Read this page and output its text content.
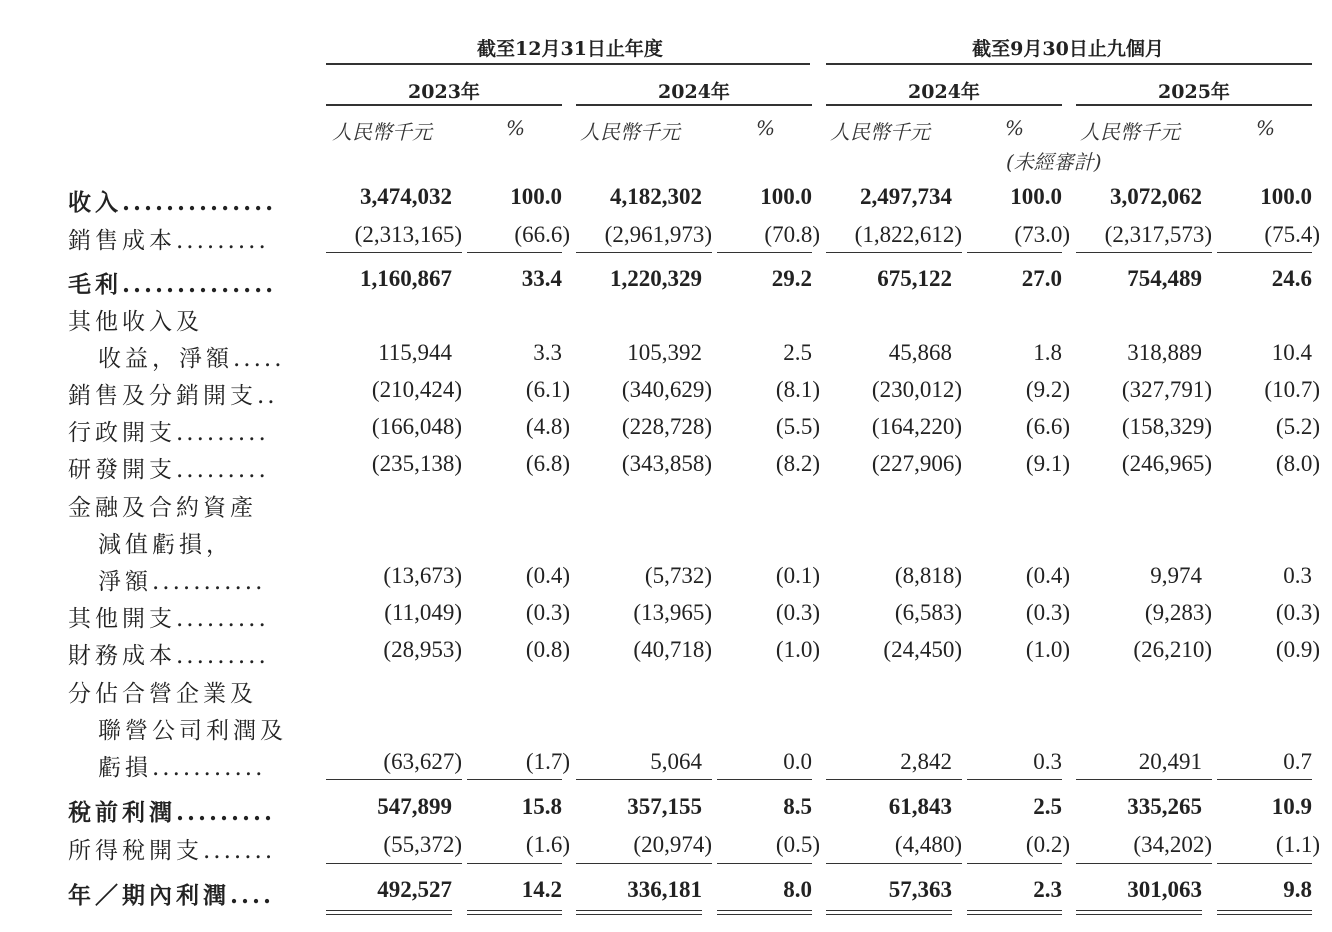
截至12月31日止年度	截至9月30日止九個月
2023年	2024年	2024年	2025年
人民幣千元	%	人民幣千元	%	人民幣千元	%
(未經審計)
人民幣千元	%
收入..............	3,474,032	100.0 4,182,302	100.0 2,497,734	100.0 3,072,062	100.0
銷售成本.........	(2,313,165) (66.6) (2,961,973) (70.8) (1,822,612) (73.0) (2,317,573) (75.4)
毛利..............	1,160,867	33.4 1,220,329	29.2	675,122	27.0	754,489	24.6
其他收入及
收益，淨額.....	115,944	3.3	105,392	2.5	45,868	1.8	318,889	10.4
銷售及分銷開支..	(210,424)	(6.1) (340,629)	(8.1) (230,012)	(9.2) (327,791) (10.7)
行政開支.........	(166,048)	(4.8) (228,728)	(5.5) (164,220)	(6.6) (158,329)	(5.2)
研發開支.........	(235,138)	(6.8) (343,858)	(8.2) (227,906)	(9.1) (246,965)	(8.0)
金融及合約資產
減值虧損，
淨額...........	(13,673)	(0.4)	(5,732)	(0.1)	(8,818)	(0.4)	9,974	0.3
其他開支.........	(11,049)	(0.3)	(13,965)	(0.3)	(6,583)	(0.3)	(9,283)	(0.3)
財務成本.........	(28,953)	(0.8)	(40,718)	(1.0)	(24,450)	(1.0)	(26,210)	(0.9)
分佔合營企業及
聯營公司利潤及
虧損...........	(63,627)	(1.7)	5,064	0.0	2,842	0.3	20,491	0.7
稅前利潤.........	547,899	15.8	357,155	8.5	61,843	2.5	335,265	10.9
所得稅開支.......	(55,372)	(1.6)	(20,974)	(0.5)	(4,480)	(0.2)	(34,202)	(1.1)
年／期內利潤....	492,527	14.2	336,181	8.0	57,363	2.3	301,063	9.8
